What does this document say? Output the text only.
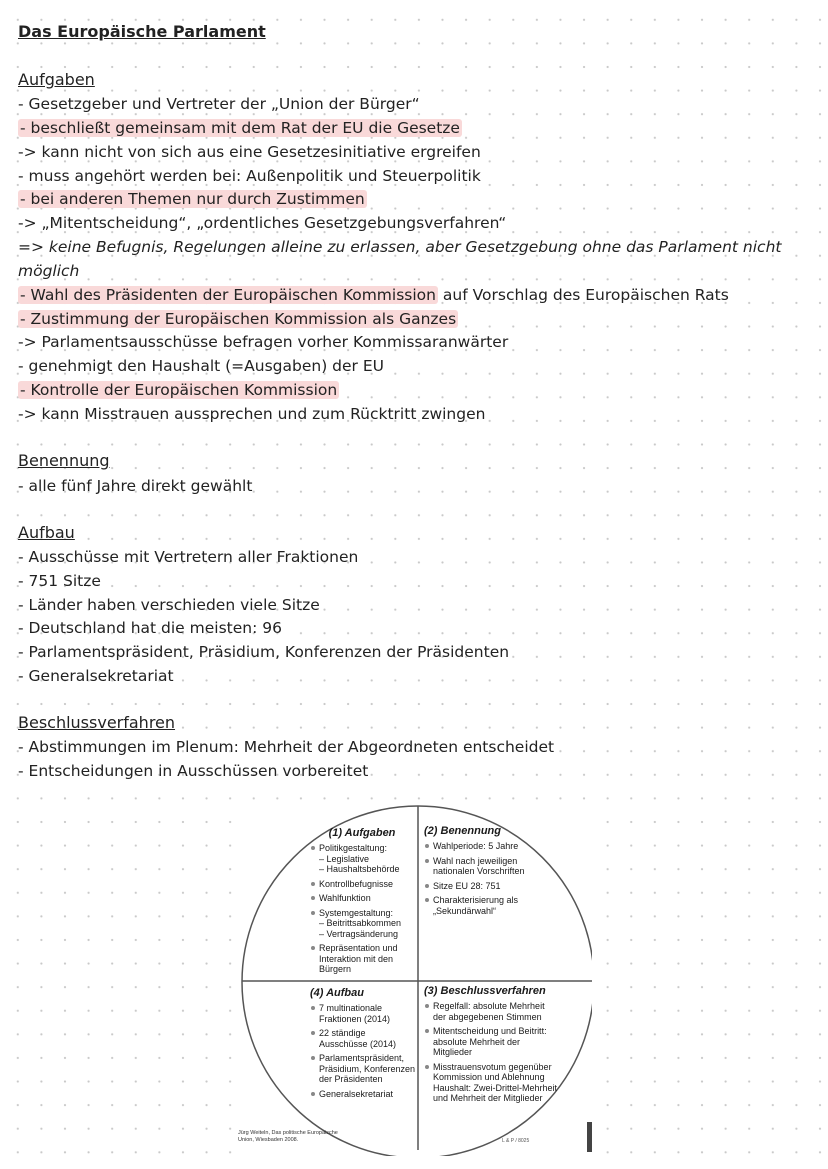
Das Europäische Parlament
Aufgaben
- Gesetzgeber und Vertreter der „Union der Bürger“
- beschließt gemeinsam mit dem Rat der EU die Gesetze
-> kann nicht von sich aus eine Gesetzesinitiative ergreifen
- muss angehört werden bei: Außenpolitik und Steuerpolitik
- bei anderen Themen nur durch Zustimmen
-> „Mitentscheidung“, „ordentliches Gesetzgebungsverfahren“
=> keine Befugnis, Regelungen alleine zu erlassen, aber Gesetzgebung ohne das Parlament nicht
möglich
- Wahl des Präsidenten der Europäischen Kommission auf Vorschlag des Europäischen Rats
- Zustimmung der Europäischen Kommission als Ganzes
-> Parlamentsausschüsse befragen vorher Kommissaranwärter
- genehmigt den Haushalt (=Ausgaben) der EU
- Kontrolle der Europäischen Kommission
-> kann Misstrauen aussprechen und zum Rücktritt zwingen
Benennung
- alle fünf Jahre direkt gewählt
Aufbau
- Ausschüsse mit Vertretern aller Fraktionen
- 751 Sitze
- Länder haben verschieden viele Sitze
- Deutschland hat die meisten: 96
- Parlamentspräsident, Präsidium, Konferenzen der Präsidenten
- Generalsekretariat
Beschlussverfahren
- Abstimmungen im Plenum: Mehrheit der Abgeordneten entscheidet
- Entscheidungen in Ausschüssen vorbereitet
(1) Aufgaben
Politikgestaltung:
– Legislative
– Haushaltsbehörde
Kontrollbefugnisse
Wahlfunktion
Systemgestaltung:
– Beitrittsabkommen
– Vertragsänderung
Repräsentation und Interaktion mit den Bürgern
(2) Benennung
Wahlperiode: 5 Jahre
Wahl nach jeweiligen nationalen Vorschriften
Sitze EU 28: 751
Charakterisierung als „Sekundärwahl“
(4) Aufbau
7 multinationale Fraktionen (2014)
22 ständige Ausschüsse (2014)
Parlamentspräsident, Präsidium, Konferenzen der Präsidenten
Generalsekretariat
(3) Beschlussverfahren
Regelfall: absolute Mehrheit der abgegebenen Stimmen
Mitentscheidung und Beitritt: absolute Mehrheit der Mitglieder
Misstrauensvotum gegenüber Kommission und Ablehnung Haushalt: Zwei-Drittel-Mehrheit und Mehrheit der Mitglieder
Jürg Weiteln, Das politische Europäische Union, Wiesbaden 2008.	L & P / 8025
